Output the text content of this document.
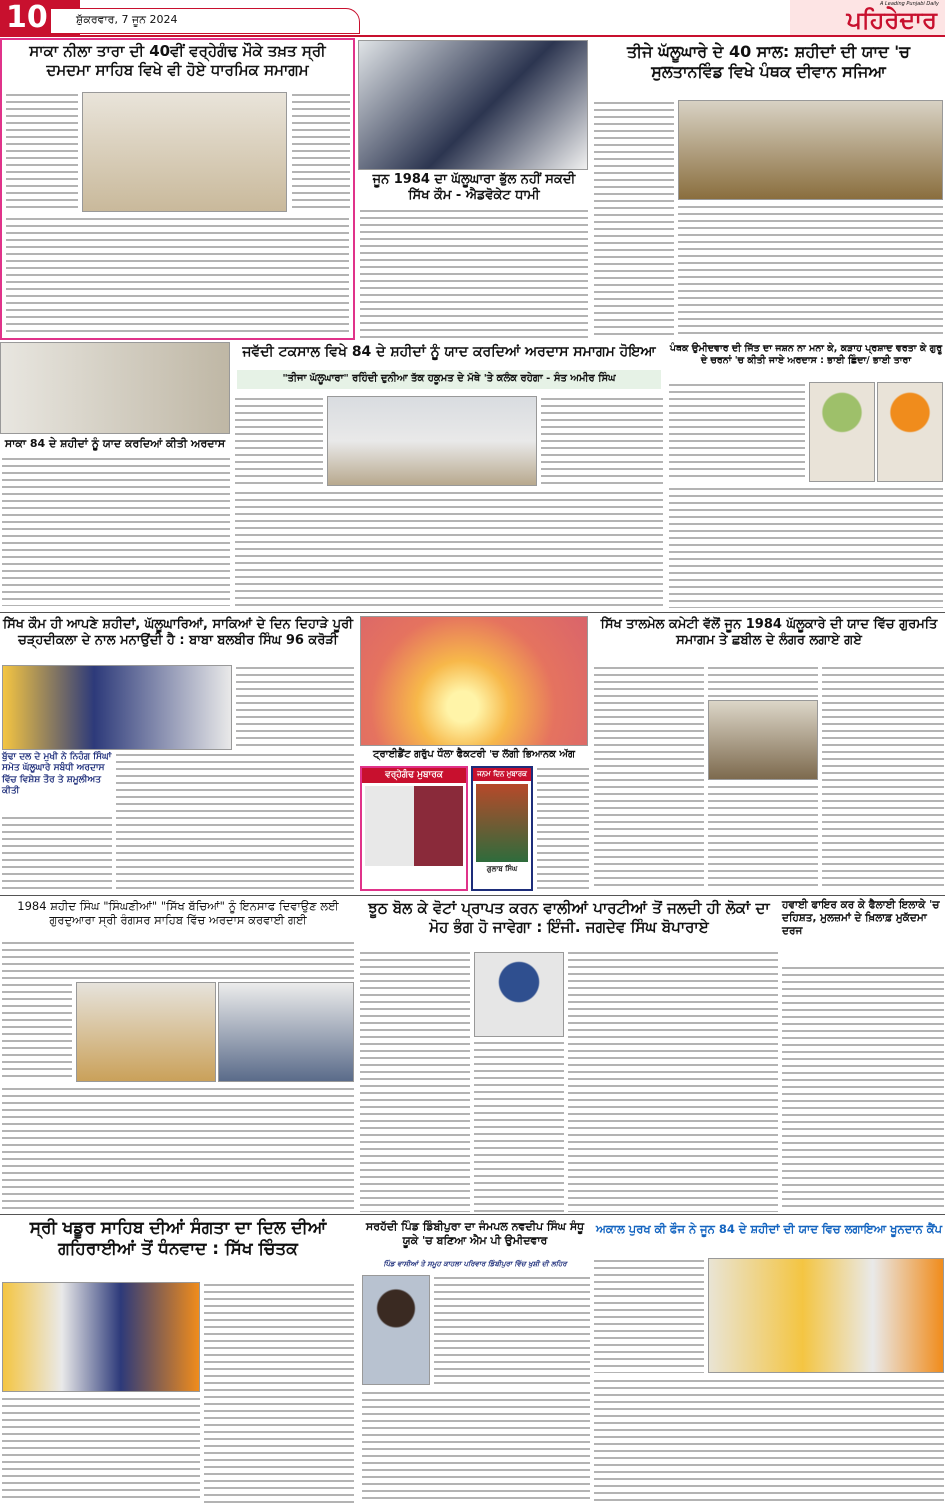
10	ਸ਼ੁੱਕਰਵਾਰ, 7 ਜੂਨ 2024	ਪਹਿਰੇਦਾਰ
A Leading Punjabi Daily
ਸਾਕਾ ਨੀਲਾ ਤਾਰਾ ਦੀ 40ਵੀਂ ਵਰ੍ਹੇਗੰਢ ਮੌਕੇ ਤਖ਼ਤ ਸ੍ਰੀ ਦਮਦਮਾ ਸਾਹਿਬ ਵਿਖੇ ਵੀ ਹੋਏ ਧਾਰਮਿਕ ਸਮਾਗਮ
ਜੂਨ 1984 ਦਾ ਘੱਲੂਘਾਰਾ ਭੁੱਲ ਨਹੀਂ ਸਕਦੀ ਸਿੱਖ ਕੌਮ - ਐਡਵੋਕੇਟ ਧਾਮੀ
ਤੀਜੇ ਘੱਲੂਘਾਰੇ ਦੇ 40 ਸਾਲ: ਸ਼ਹੀਦਾਂ ਦੀ ਯਾਦ 'ਚ ਸੁਲਤਾਨਵਿੰਡ ਵਿਖੇ ਪੰਥਕ ਦੀਵਾਨ ਸਜਿਆ
ਸਾਕਾ 84 ਦੇ ਸ਼ਹੀਦਾਂ ਨੂੰ ਯਾਦ ਕਰਦਿਆਂ ਕੀਤੀ ਅਰਦਾਸ
ਜਵੱਦੀ ਟਕਸਾਲ ਵਿਖੇ 84 ਦੇ ਸ਼ਹੀਦਾਂ ਨੂੰ ਯਾਦ ਕਰਦਿਆਂ ਅਰਦਾਸ ਸਮਾਗਮ ਹੋਇਆ
"ਤੀਜਾ ਘੱਲੂਘਾਰਾ" ਰਹਿੰਦੀ ਦੁਨੀਆ ਤੱਕ ਹਕੂਮਤ ਦੇ ਮੱਥੇ 'ਤੇ ਕਲੰਕ ਰਹੇਗਾ - ਸੰਤ ਅਮੀਰ ਸਿੰਘ
ਪੰਥਕ ਉਮੀਦਵਾਰ ਦੀ ਜਿੱਤ ਦਾ ਜਸ਼ਨ ਨਾ ਮਨਾ ਕੇ, ਕੜਾਹ ਪ੍ਰਸ਼ਾਦ ਵਰਤਾ ਕੇ ਗੁਰੂ ਦੇ ਚਰਨਾਂ 'ਚ ਕੀਤੀ ਜਾਏ ਅਰਦਾਸ : ਭਾਈ ਛਿੰਦਾ/ ਭਾਈ ਤਾਰਾ
ਸਿੱਖ ਕੌਮ ਹੀ ਆਪਣੇ ਸ਼ਹੀਦਾਂ, ਘੱਲੂਘਾਰਿਆਂ, ਸਾਕਿਆਂ ਦੇ ਦਿਨ ਦਿਹਾੜੇ ਪੂਰੀ ਚੜ੍ਹਦੀਕਲਾ ਦੇ ਨਾਲ ਮਨਾਉਂਦੀ ਹੈ : ਬਾਬਾ ਬਲਬੀਰ ਸਿੰਘ 96 ਕਰੋੜੀ
ਬੁੱਢਾ ਦਲ ਦੇ ਮੁਖੀ ਨੇ ਨਿਹੰਗ ਸਿੰਘਾਂ ਸਮੇਤ ਘੱਲੂਘਾਰੇ ਸਬੰਧੀ ਅਰਦਾਸ ਵਿੱਚ ਵਿਸ਼ੇਸ਼ ਤੌਰ ਤੇ ਸ਼ਮੂਲੀਅਤ ਕੀਤੀ
ਟ੍ਰਾਈਡੈਂਟ ਗਰੁੱਪ ਧੌਲਾ ਫੈਕਟਰੀ 'ਚ ਲੱਗੀ ਭਿਆਨਕ ਅੱਗ
ਵਰ੍ਹੇਗੰਢ ਮੁਬਾਰਕ	ਜਨਮ ਦਿਨ ਮੁਬਾਰਕ
ਗੁਲਾਬ ਸਿੰਘ
ਸਿੱਖ ਤਾਲਮੇਲ ਕਮੇਟੀ ਵੱਲੋਂ ਜੂਨ 1984 ਘੱਲੂਕਾਰੇ ਦੀ ਯਾਦ ਵਿੱਚ ਗੁਰਮਤਿ ਸਮਾਗਮ ਤੇ ਛਬੀਲ ਦੇ ਲੰਗਰ ਲਗਾਏ ਗਏ
1984 ਸ਼ਹੀਦ ਸਿੰਘ "ਸਿੰਘਣੀਆਂ" "ਸਿੱਖ ਬੱਚਿਆਂ" ਨੂੰ ਇਨਸਾਫ ਦਿਵਾਉਣ ਲਈ ਗੁਰਦੁਆਰਾ ਸ੍ਰੀ ਰੰਗਸਰ ਸਾਹਿਬ ਵਿੱਚ ਅਰਦਾਸ ਕਰਵਾਈ ਗਈ
ਝੂਠ ਬੋਲ ਕੇ ਵੋਟਾਂ ਪ੍ਰਾਪਤ ਕਰਨ ਵਾਲੀਆਂ ਪਾਰਟੀਆਂ ਤੋਂ ਜਲਦੀ ਹੀ ਲੋਕਾਂ ਦਾ ਮੋਹ ਭੰਗ ਹੋ ਜਾਵੇਗਾ : ਇੰਜੀ. ਜਗਦੇਵ ਸਿੰਘ ਬੋਪਾਰਾਏ
ਹਵਾਈ ਫਾਇਰ ਕਰ ਕੇ ਫੈਲਾਈ ਇਲਾਕੇ 'ਚ ਦਹਿਸ਼ਤ, ਮੁਲਜ਼ਮਾਂ ਦੇ ਖ਼ਿਲਾਫ਼ ਮੁਕੱਦਮਾ ਦਰਜ
ਸ੍ਰੀ ਖਡੂਰ ਸਾਹਿਬ ਦੀਆਂ ਸੰਗਤਾ ਦਾ ਦਿਲ ਦੀਆਂ ਗਹਿਰਾਈਆਂ ਤੋਂ ਧੰਨਵਾਦ : ਸਿੱਖ ਚਿੰਤਕ
ਸਰਹੱਦੀ ਪਿੰਡ ਡਿੰਬੀਪੁਰਾ ਦਾ ਜੰਮਪਲ ਨਵਦੀਪ ਸਿੰਘ ਸੰਧੂ ਯੂਕੇ 'ਚ ਬਣਿਆ ਐਮ ਪੀ ਉਮੀਦਵਾਰ
ਪਿੰਡ ਵਾਸੀਆਂ ਤੇ ਸਮੂਹ ਕਾਹਲਾ ਪਰਿਵਾਰ ਡਿੰਬੀਪੁਰਾ ਵਿੱਚ ਖੁਸ਼ੀ ਦੀ ਲਹਿਰ
ਅਕਾਲ ਪੁਰਖ ਕੀ ਫੌਜ ਨੇ ਜੂਨ 84 ਦੇ ਸ਼ਹੀਦਾਂ ਦੀ ਯਾਦ ਵਿਚ ਲਗਾਇਆ ਖੂਨਦਾਨ ਕੈਂਪ
